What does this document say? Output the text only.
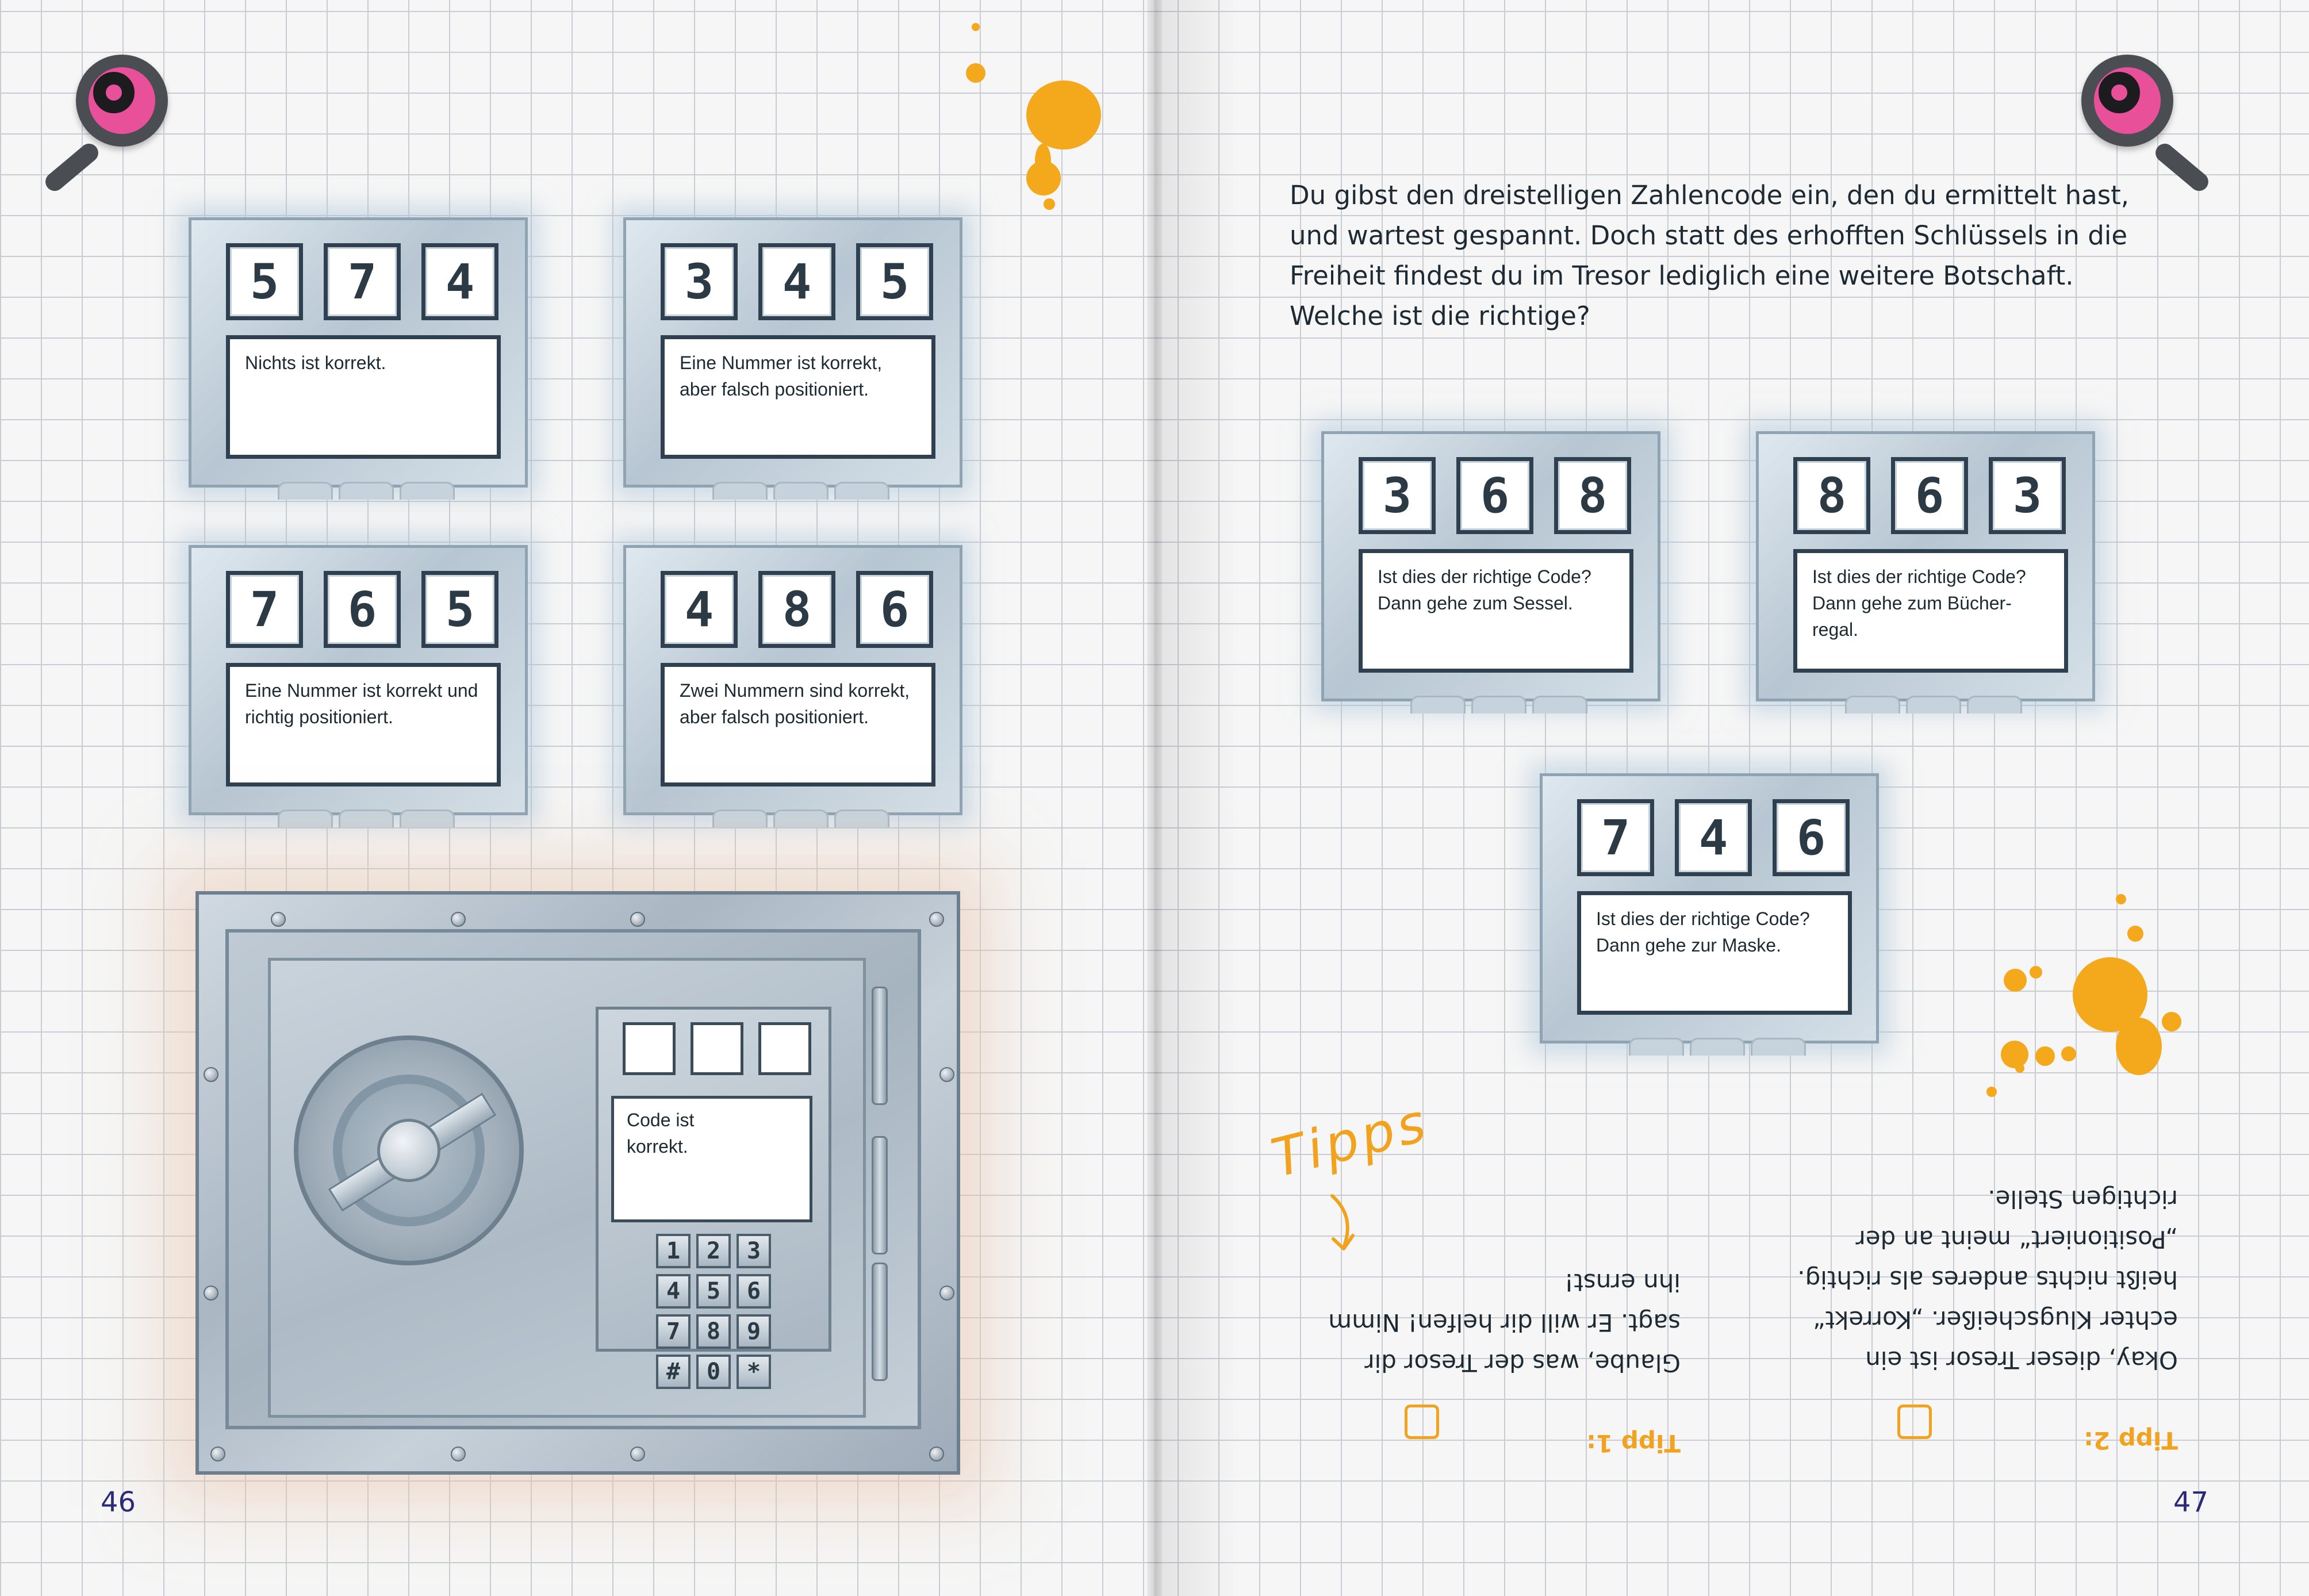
5	7	4
Nichts ist korrekt.
3	4	5
Eine Nummer ist korrekt,
aber falsch positioniert.
7	6	5
Eine Nummer ist korrekt und
richtig positioniert.
4	8	6
Zwei Nummern sind korrekt,
aber falsch positioniert.
Code ist
korrekt.
1	2	3
4	5	6
7	8	9
#	0	*
46

Du gibst den dreistelligen Zahlencode ein, den du ermittelt hast, und wartest gespannt. Doch statt des erhofften Schlüssels in die Freiheit findest du im Tresor lediglich eine weitere Botschaft. Welche ist die richtige?

3	6	8
Ist dies der richtige Code?
Dann gehe zum Sessel.
8	6	3
Ist dies der richtige Code?
Dann gehe zum Bücher-
regal.
7	4	6
Ist dies der richtige Code?
Dann gehe zur Maske.
Tipps

Tipp 1:

Glaube, was der Tresor dir
sagt. Er will dir helfen! Nimm
ihn ernst!

Tipp 2:

Okay, dieser Tresor ist ein
echter Klugscheißer. „Korrekt“
heißt nichts anderes als richtig.
„Positioniert“ meint an der
richtigen Stelle.

47
